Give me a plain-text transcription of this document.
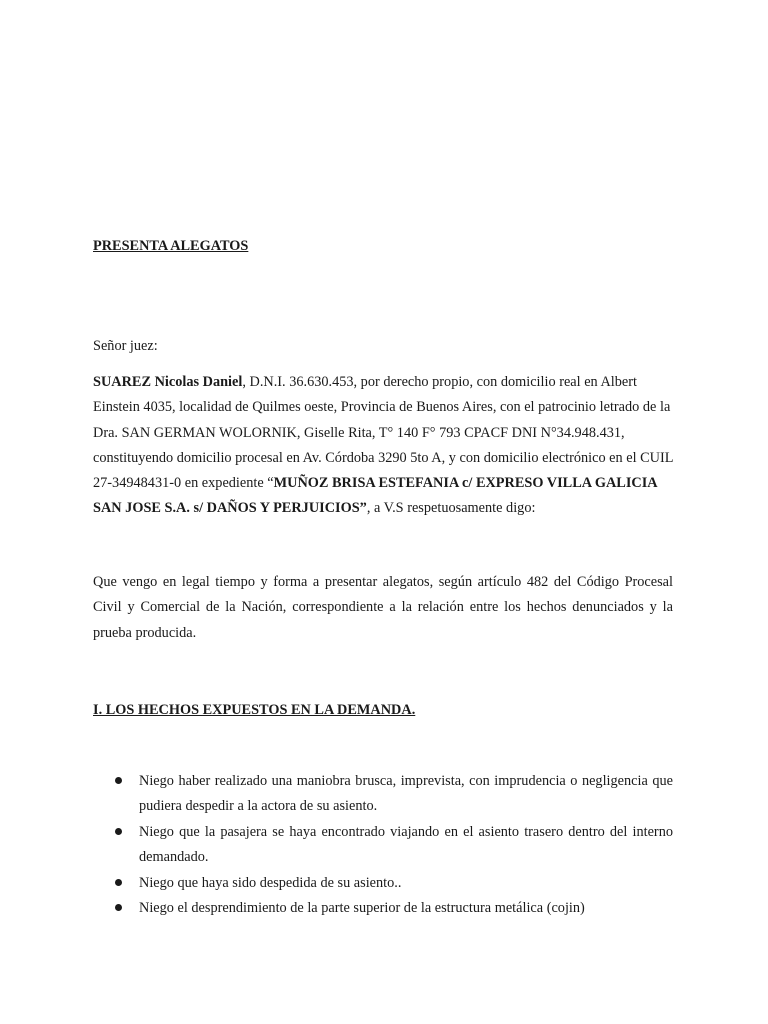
PRESENTA ALEGATOS

Señor juez:

SUAREZ Nicolas Daniel, D.N.I. 36.630.453, por derecho propio, con domicilio real en Albert Einstein 4035, localidad de Quilmes oeste, Provincia de Buenos Aires, con el patrocinio letrado de la Dra. SAN GERMAN WOLORNIK, Giselle Rita, T° 140 F° 793 CPACF DNI N°34.948.431, constituyendo domicilio procesal en Av. Córdoba 3290 5to A, y con domicilio electrónico en el CUIL 27-34948431-0 en expediente “MUÑOZ BRISA ESTEFANIA c/ EXPRESO VILLA GALICIA SAN JOSE S.A. s/ DAÑOS Y PERJUICIOS”, a V.S respetuosamente digo:

Que vengo en legal tiempo y forma a presentar alegatos, según artículo 482 del Código Procesal Civil y Comercial de la Nación, correspondiente a la relación entre los hechos denunciados y la prueba producida.

I. LOS HECHOS EXPUESTOS EN LA DEMANDA.
Niego haber realizado una maniobra brusca, imprevista, con imprudencia o negligencia que pudiera despedir a la actora de su asiento.
Niego que la pasajera se haya encontrado viajando en el asiento trasero dentro del interno demandado.
Niego que haya sido despedida de su asiento..
Niego el desprendimiento de la parte superior de la estructura metálica (cojin)
